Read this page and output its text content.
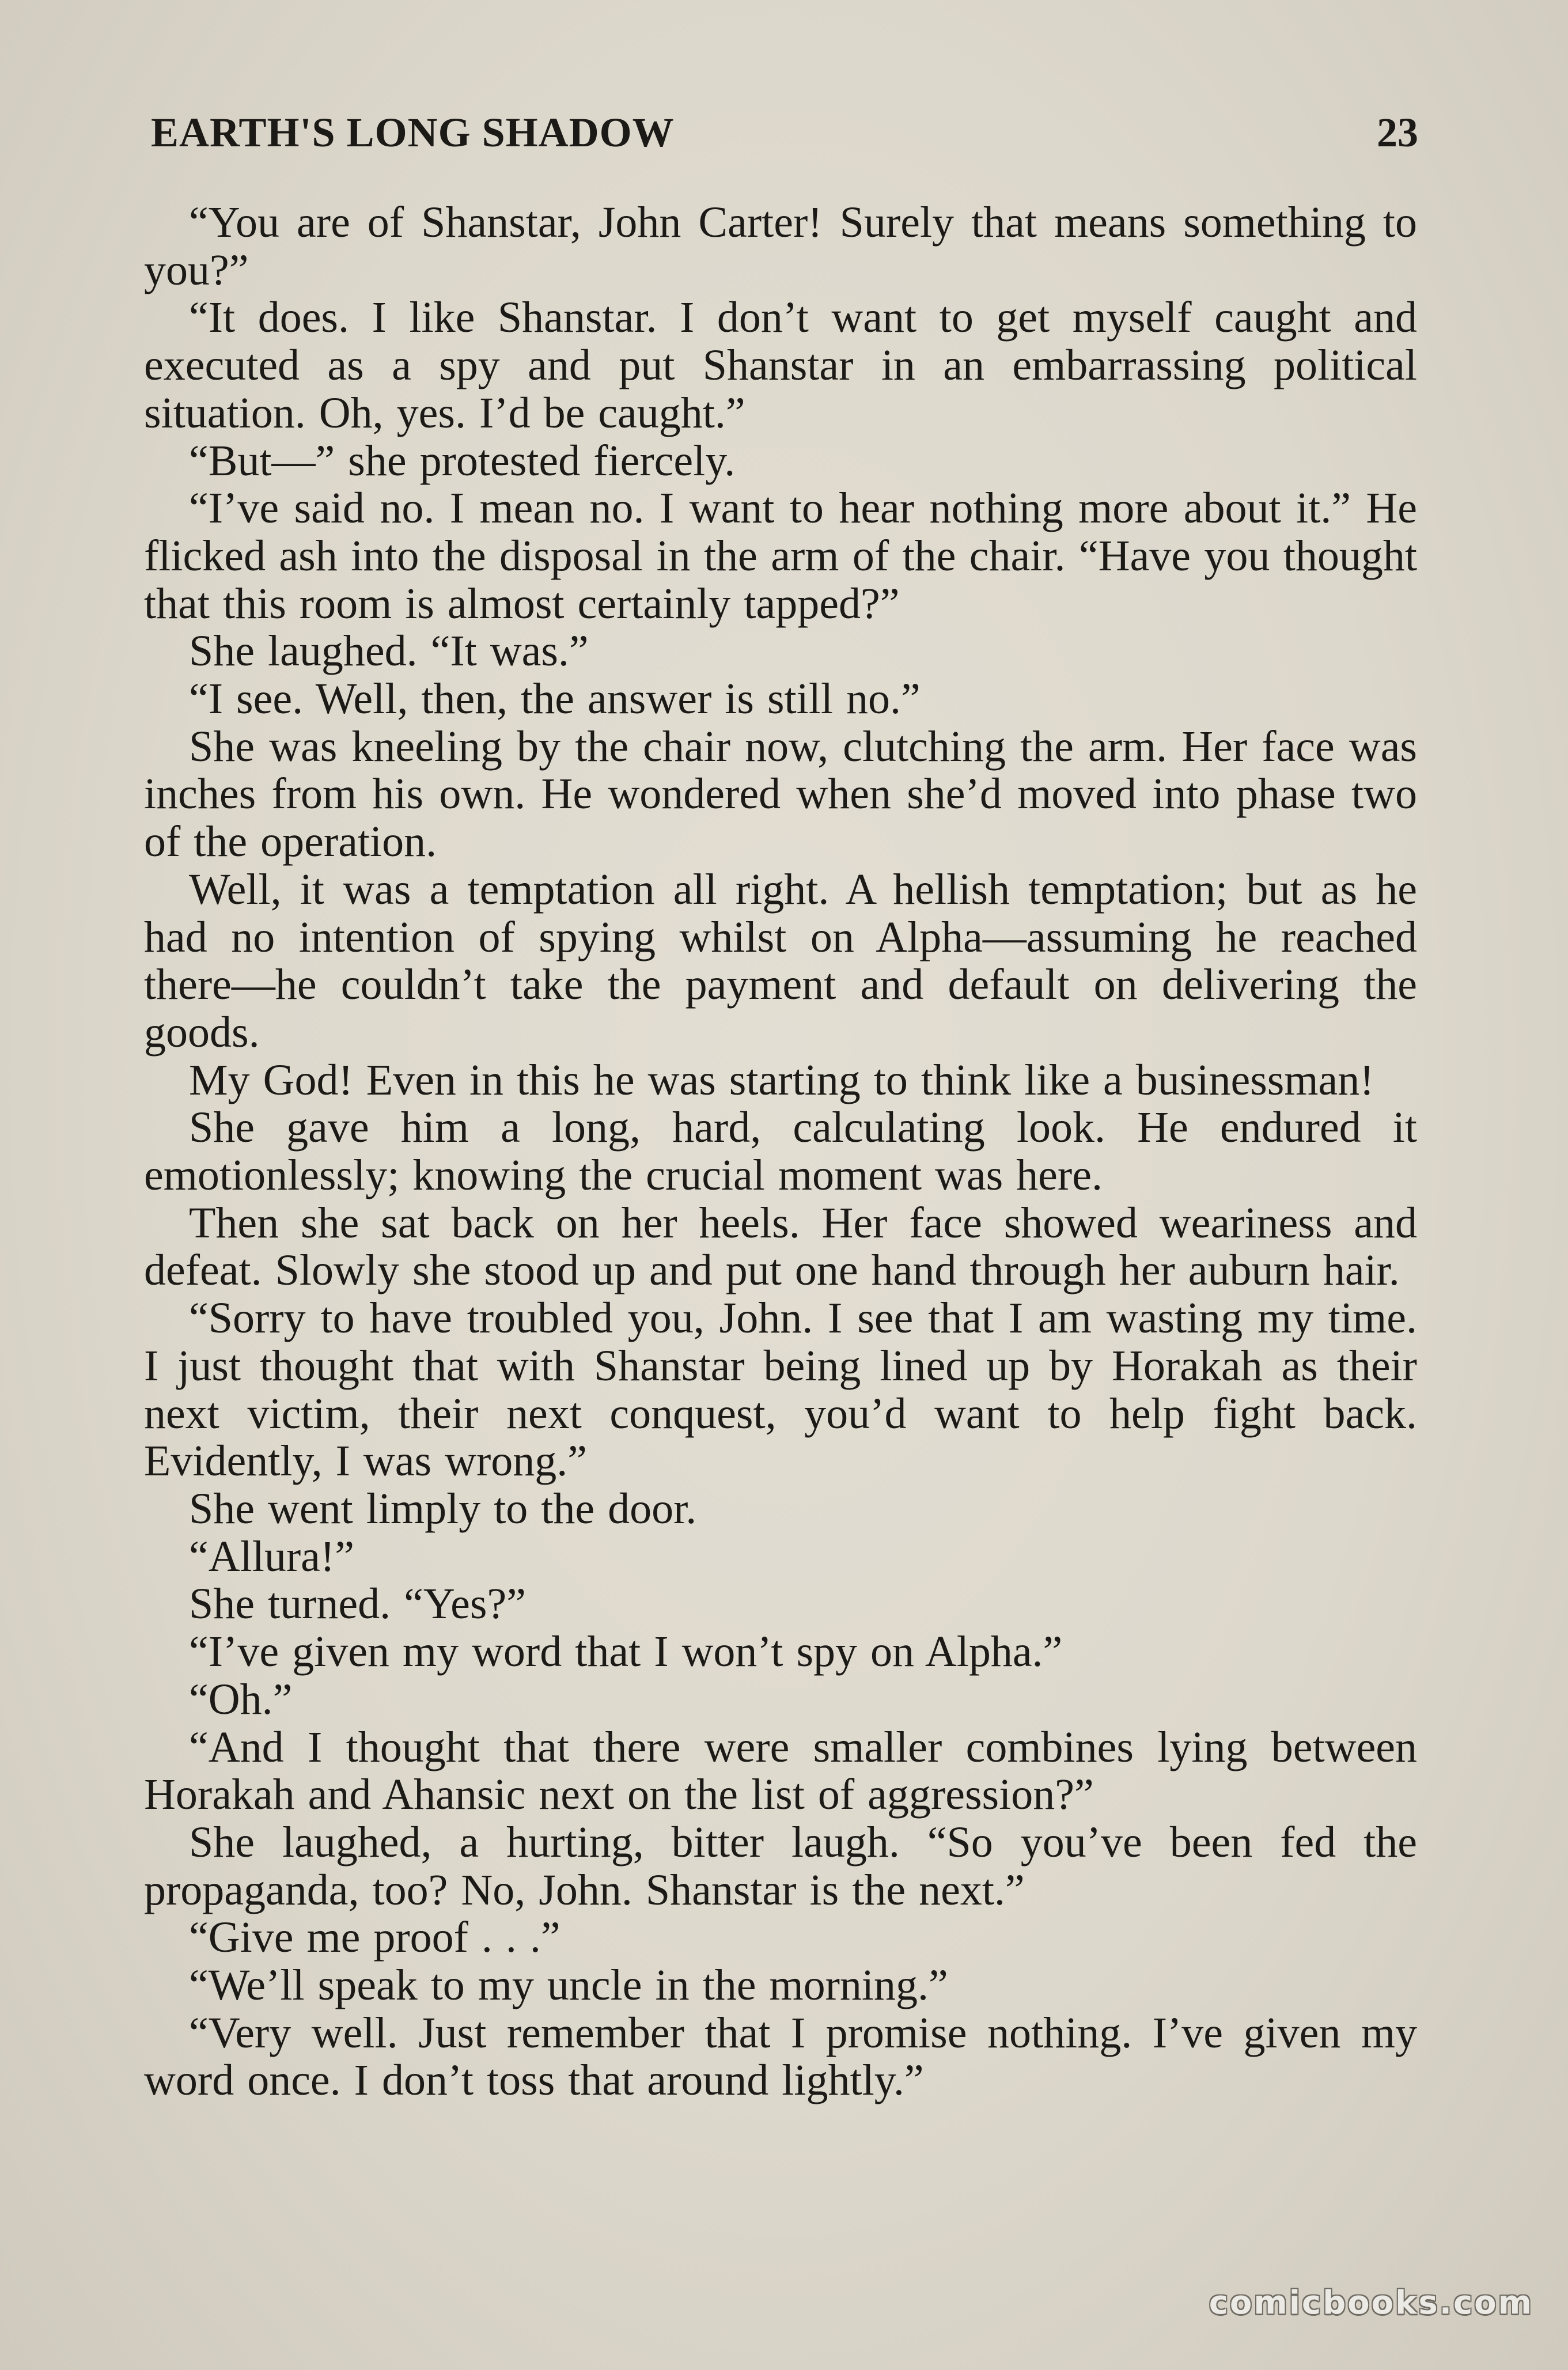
EARTH'S LONG SHADOW	23

“You are of Shanstar, John Carter! Surely that means something to you?”

“It does. I like Shanstar. I don’t want to get myself caught and executed as a spy and put Shanstar in an embarrassing political situation. Oh, yes. I’d be caught.”

“But—” she protested fiercely.

“I’ve said no. I mean no. I want to hear nothing more about it.” He flicked ash into the disposal in the arm of the chair. “Have you thought that this room is almost certainly tapped?”

She laughed. “It was.”

“I see. Well, then, the answer is still no.”

She was kneeling by the chair now, clutching the arm. Her face was inches from his own. He wondered when she’d moved into phase two of the operation.

Well, it was a temptation all right. A hellish temptation; but as he had no intention of spying whilst on Alpha—assuming he reached there—he couldn’t take the payment and default on delivering the goods.

My God! Even in this he was starting to think like a businessman!

She gave him a long, hard, calculating look. He endured it emotionlessly; knowing the crucial moment was here.

Then she sat back on her heels. Her face showed weariness and defeat. Slowly she stood up and put one hand through her auburn hair.

“Sorry to have troubled you, John. I see that I am wasting my time. I just thought that with Shanstar being lined up by Horakah as their next victim, their next conquest, you’d want to help fight back. Evidently, I was wrong.”

She went limply to the door.

“Allura!”

She turned. “Yes?”

“I’ve given my word that I won’t spy on Alpha.”

“Oh.”

“And I thought that there were smaller combines lying between Horakah and Ahansic next on the list of aggression?”

She laughed, a hurting, bitter laugh. “So you’ve been fed the propaganda, too? No, John. Shanstar is the next.”

“Give me proof . . .”

“We’ll speak to my uncle in the morning.”

“Very well. Just remember that I promise nothing. I’ve given my word once. I don’t toss that around lightly.”

comicbooks.com
